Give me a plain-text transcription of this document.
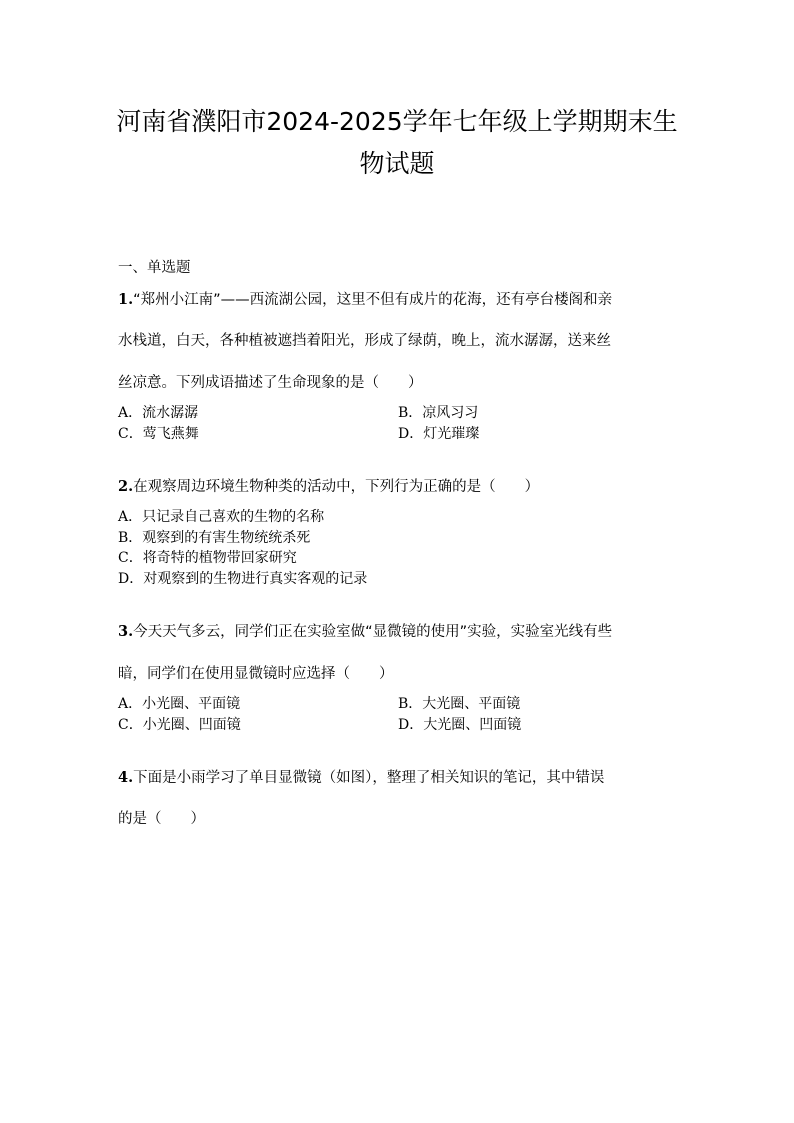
河南省濮阳市2024-2025学年七年级上学期期末生
物试题
一、单选题
1.“郑州小江南”——西流湖公园，这里不但有成片的花海，还有亭台楼阁和亲
水栈道，白天，各种植被遮挡着阳光，形成了绿荫，晚上，流水潺潺，送来丝
丝凉意。下列成语描述了生命现象的是（　　）
A．流水潺潺	B．凉风习习
C．莺飞燕舞	D．灯光璀璨
2.在观察周边环境生物种类的活动中，下列行为正确的是（　　）
A．只记录自己喜欢的生物的名称
B．观察到的有害生物统统杀死
C．将奇特的植物带回家研究
D．对观察到的生物进行真实客观的记录
3.今天天气多云，同学们正在实验室做“显微镜的使用”实验，实验室光线有些
暗，同学们在使用显微镜时应选择（　　）
A．小光圈、平面镜	B．大光圈、平面镜
C．小光圈、凹面镜	D．大光圈、凹面镜
4.下面是小雨学习了单目显微镜（如图），整理了相关知识的笔记，其中错误
的是（　　）
